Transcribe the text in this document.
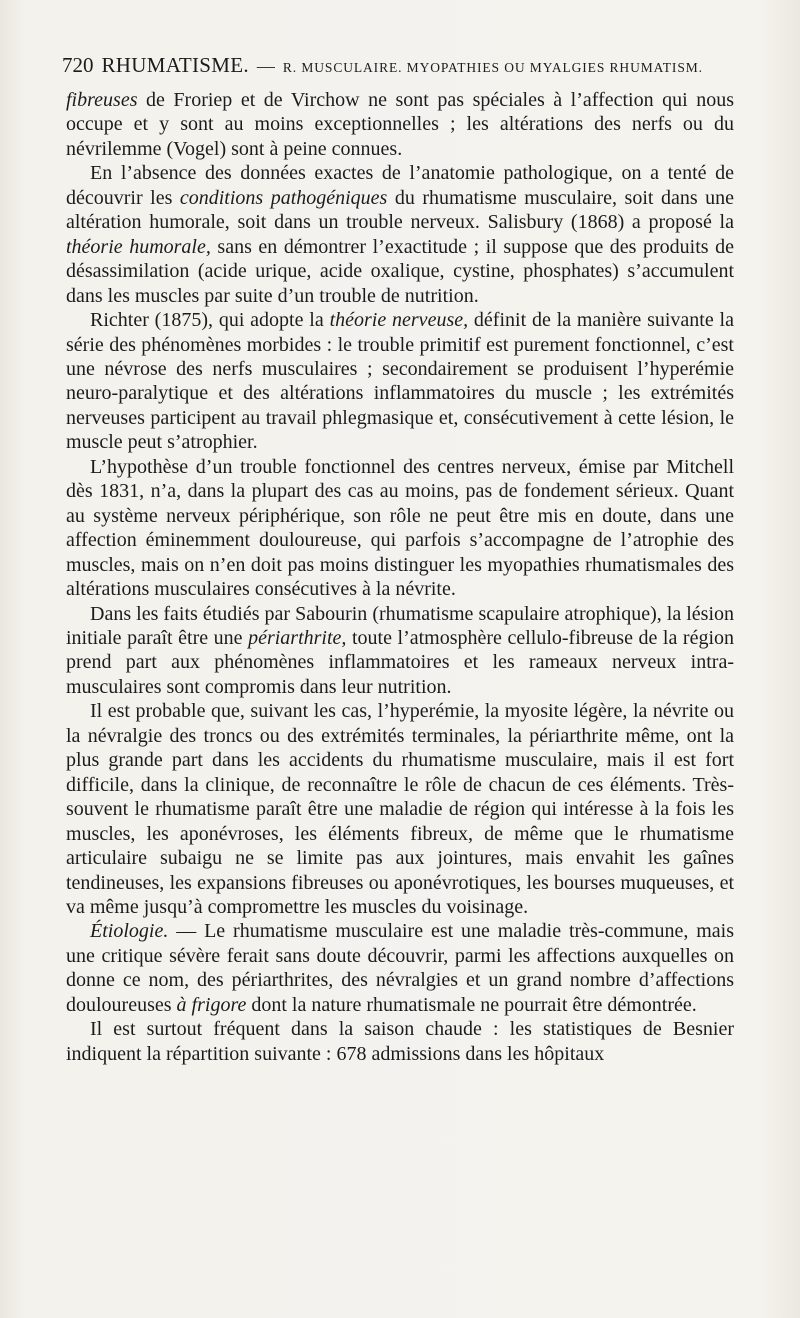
720 RHUMATISME. — R. MUSCULAIRE. MYOPATHIES OU MYALGIES RHUMATISM.

fibreuses de Froriep et de Virchow ne sont pas spéciales à l’affection qui nous occupe et y sont au moins exceptionnelles ; les altérations des nerfs ou du névrilemme (Vogel) sont à peine connues.

En l’absence des données exactes de l’anatomie pathologique, on a tenté de découvrir les conditions pathogéniques du rhumatisme musculaire, soit dans une altération humorale, soit dans un trouble nerveux. Salisbury (1868) a proposé la théorie humorale, sans en démontrer l’exactitude ; il suppose que des produits de désassimilation (acide urique, acide oxalique, cystine, phosphates) s’accumulent dans les muscles par suite d’un trouble de nutrition.

Richter (1875), qui adopte la théorie nerveuse, définit de la manière suivante la série des phénomènes morbides : le trouble primitif est purement fonctionnel, c’est une névrose des nerfs musculaires ; secondairement se produisent l’hyperémie neuro-paralytique et des altérations inflammatoires du muscle ; les extrémités nerveuses participent au travail phlegmasique et, consécutivement à cette lésion, le muscle peut s’atrophier.

L’hypothèse d’un trouble fonctionnel des centres nerveux, émise par Mitchell dès 1831, n’a, dans la plupart des cas au moins, pas de fondement sérieux. Quant au système nerveux périphérique, son rôle ne peut être mis en doute, dans une affection éminemment douloureuse, qui parfois s’accompagne de l’atrophie des muscles, mais on n’en doit pas moins distinguer les myopathies rhumatismales des altérations musculaires consécutives à la névrite.

Dans les faits étudiés par Sabourin (rhumatisme scapulaire atrophique), la lésion initiale paraît être une périarthrite, toute l’atmosphère cellulo-fibreuse de la région prend part aux phénomènes inflammatoires et les rameaux nerveux intra-musculaires sont compromis dans leur nutrition.

Il est probable que, suivant les cas, l’hyperémie, la myosite légère, la névrite ou la névralgie des troncs ou des extrémités terminales, la périarthrite même, ont la plus grande part dans les accidents du rhumatisme musculaire, mais il est fort difficile, dans la clinique, de reconnaître le rôle de chacun de ces éléments. Très-souvent le rhumatisme paraît être une maladie de région qui intéresse à la fois les muscles, les aponévroses, les éléments fibreux, de même que le rhumatisme articulaire subaigu ne se limite pas aux jointures, mais envahit les gaînes tendineuses, les expansions fibreuses ou aponévrotiques, les bourses muqueuses, et va même jusqu’à compromettre les muscles du voisinage.

Étiologie. — Le rhumatisme musculaire est une maladie très-commune, mais une critique sévère ferait sans doute découvrir, parmi les affections auxquelles on donne ce nom, des périarthrites, des névralgies et un grand nombre d’affections douloureuses à frigore dont la nature rhumatismale ne pourrait être démontrée.

Il est surtout fréquent dans la saison chaude : les statistiques de Besnier indiquent la répartition suivante : 678 admissions dans les hôpitaux
